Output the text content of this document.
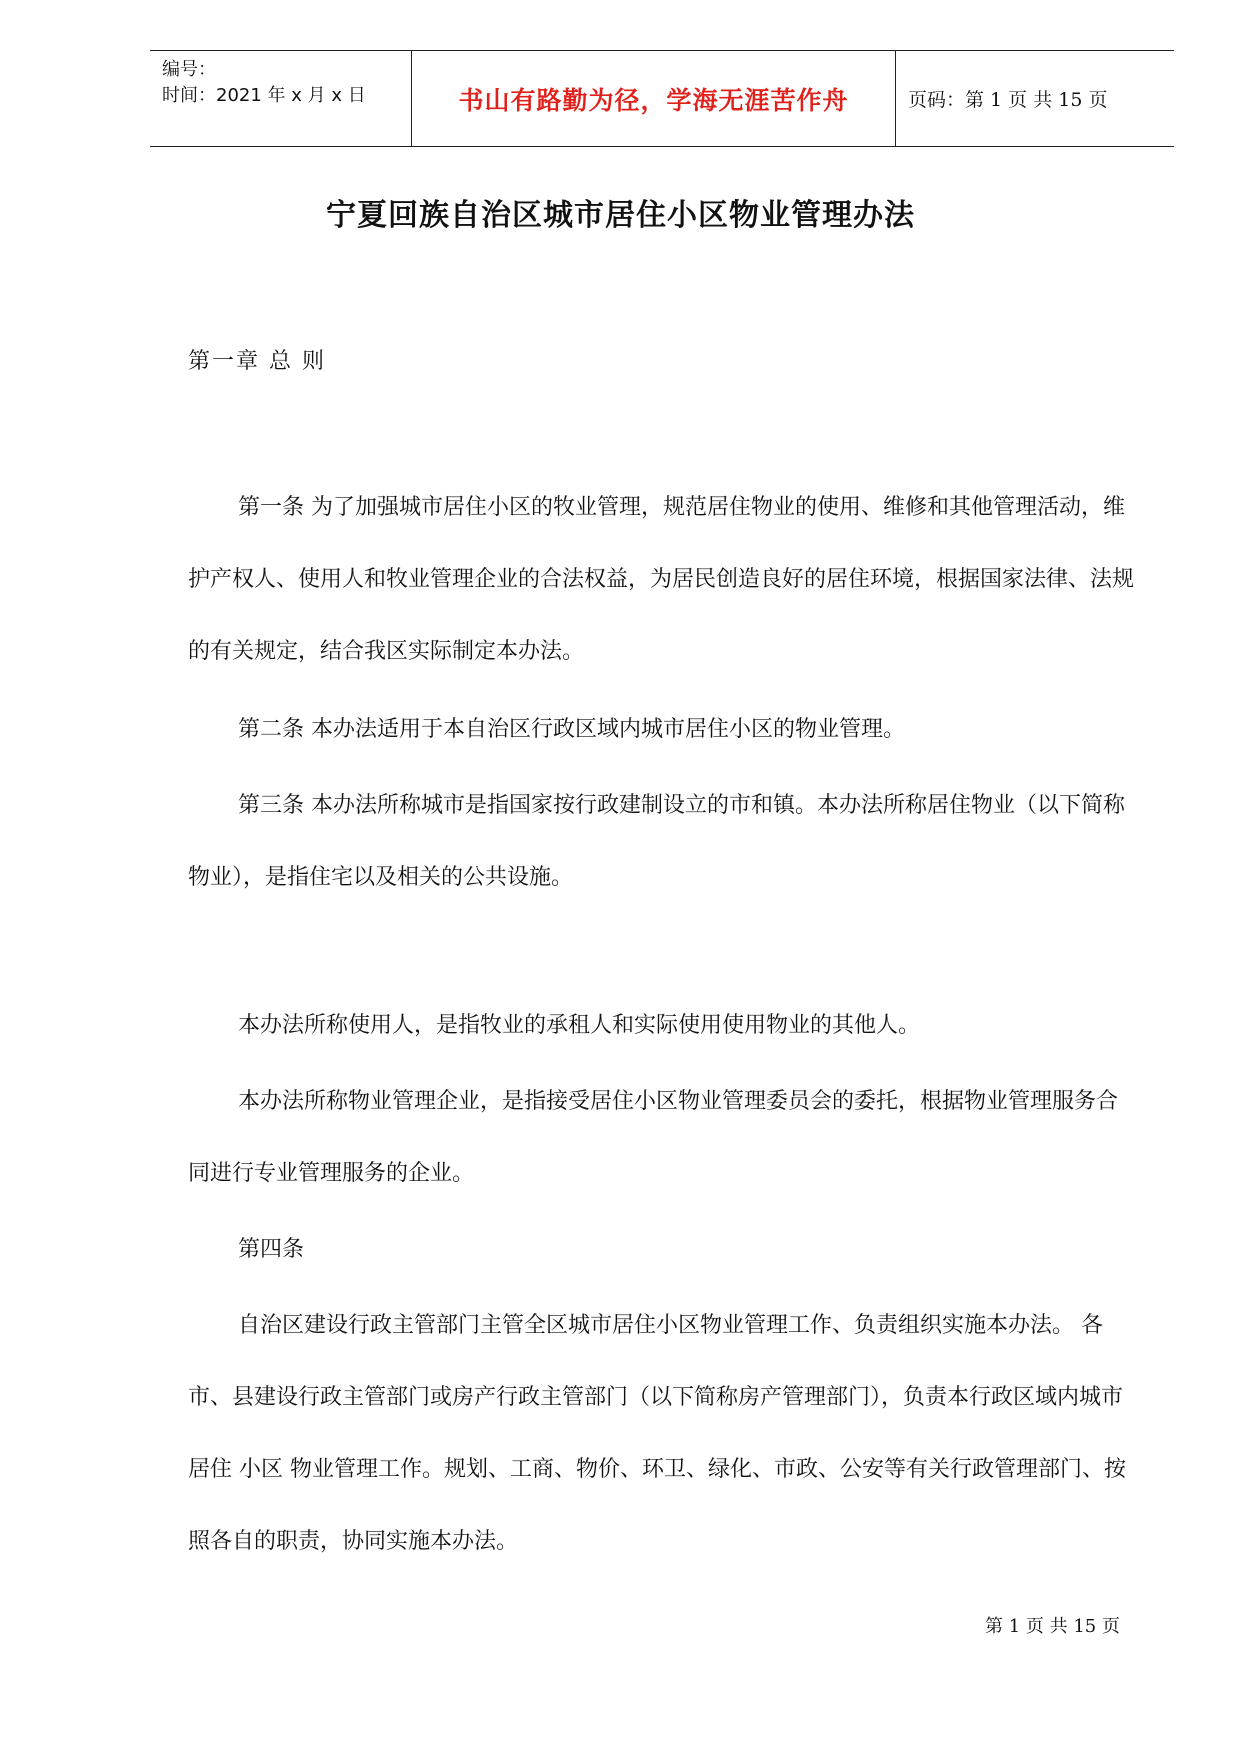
编号：
时间：2021 年 x 月 x 日	书山有路勤为径，学海无涯苦作舟	页码：第 1 页 共 15 页
宁夏回族自治区城市居住小区物业管理办法
第一章 总 则

第一条 为了加强城市居住小区的牧业管理，规范居住物业的使用、维修和其他管理活动，维护产权人、使用人和牧业管理企业的合法权益，为居民创造良好的居住环境，根据国家法律、法规的有关规定，结合我区实际制定本办法。

第二条 本办法适用于本自治区行政区域内城市居住小区的物业管理。

第三条 本办法所称城市是指国家按行政建制设立的市和镇。本办法所称居住物业（以下简称物业），是指住宅以及相关的公共设施。

本办法所称使用人，是指牧业的承租人和实际使用使用物业的其他人。

本办法所称物业管理企业，是指接受居住小区物业管理委员会的委托，根据物业管理服务合同进行专业管理服务的企业。

第四条

自治区建设行政主管部门主管全区城市居住小区物业管理工作、负责组织实施本办法。 各市、县建设行政主管部门或房产行政主管部门（以下简称房产管理部门），负责本行政区域内城市居住 小区 物业管理工作。规划、工商、物价、环卫、绿化、市政、公安等有关行政管理部门、按照各自的职责，协同实施本办法。

第 1 页 共 15 页
